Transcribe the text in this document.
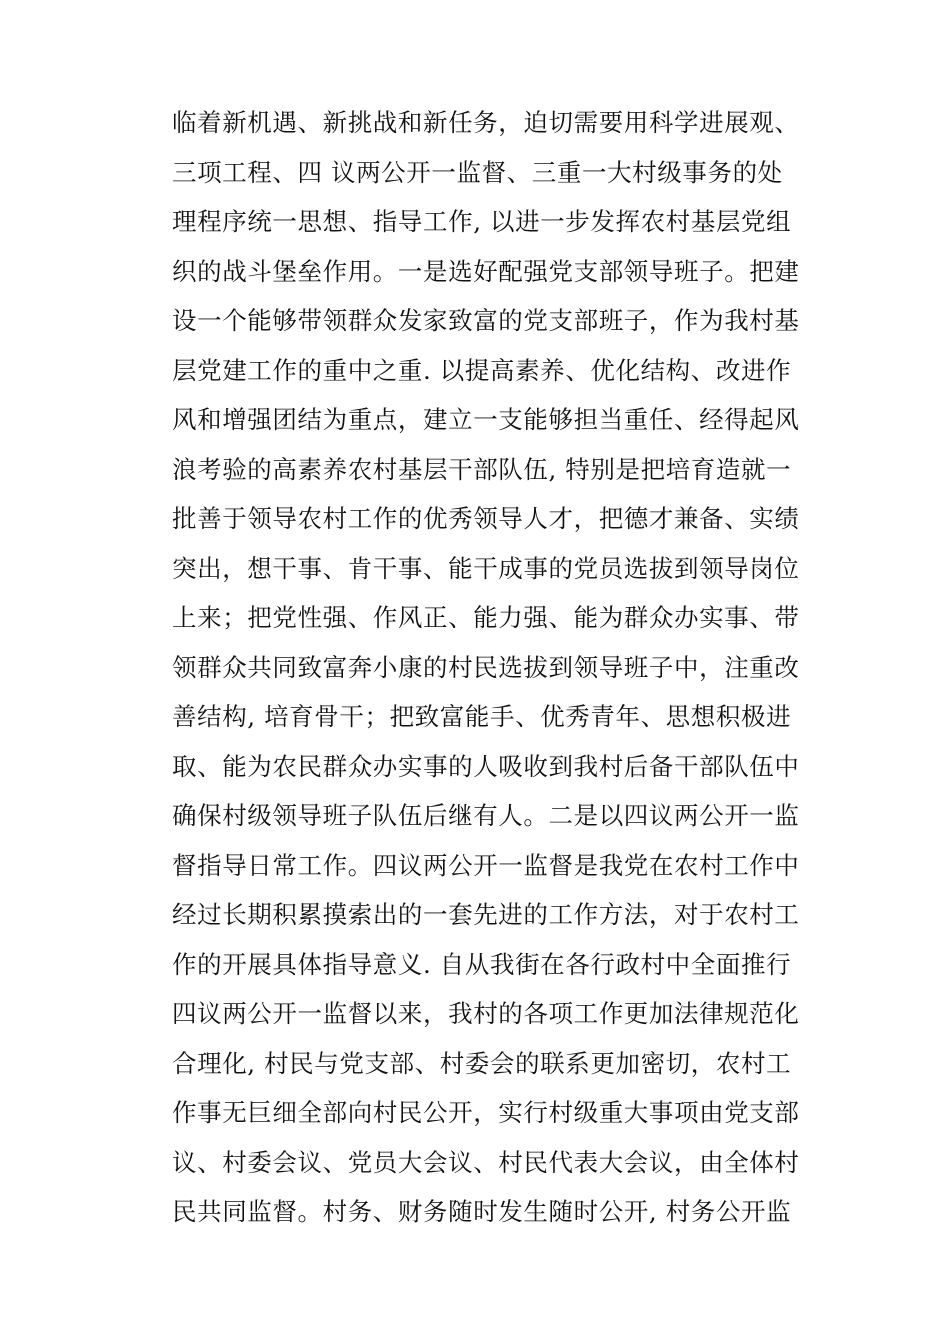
临着新机遇、新挑战和新任务，迫切需要用科学进展观、
三项工程、四 议两公开一监督、三重一大村级事务的处
理程序统一思想、指导工作, 以进一步发挥农村基层党组
织的战斗堡垒作用。一是选好配强党支部领导班子。把建
设一个能够带领群众发家致富的党支部班子，作为我村基
层党建工作的重中之重. 以提高素养、优化结构、改进作
风和增强团结为重点，建立一支能够担当重任、经得起风
浪考验的高素养农村基层干部队伍, 特别是把培育造就一
批善于领导农村工作的优秀领导人才，把德才兼备、实绩
突出，想干事、肯干事、能干成事的党员选拔到领导岗位
上来；把党性强、作风正、能力强、能为群众办实事、带
领群众共同致富奔小康的村民选拔到领导班子中，注重改
善结构, 培育骨干；把致富能手、优秀青年、思想积极进
取、能为农民群众办实事的人吸收到我村后备干部队伍中
确保村级领导班子队伍后继有人。二是以四议两公开一监
督指导日常工作。四议两公开一监督是我党在农村工作中
经过长期积累摸索出的一套先进的工作方法，对于农村工
作的开展具体指导意义. 自从我街在各行政村中全面推行
四议两公开一监督以来，我村的各项工作更加法律规范化
合理化, 村民与党支部、村委会的联系更加密切，农村工
作事无巨细全部向村民公开，实行村级重大事项由党支部
议、村委会议、党员大会议、村民代表大会议，由全体村
民共同监督。村务、财务随时发生随时公开, 村务公开监
